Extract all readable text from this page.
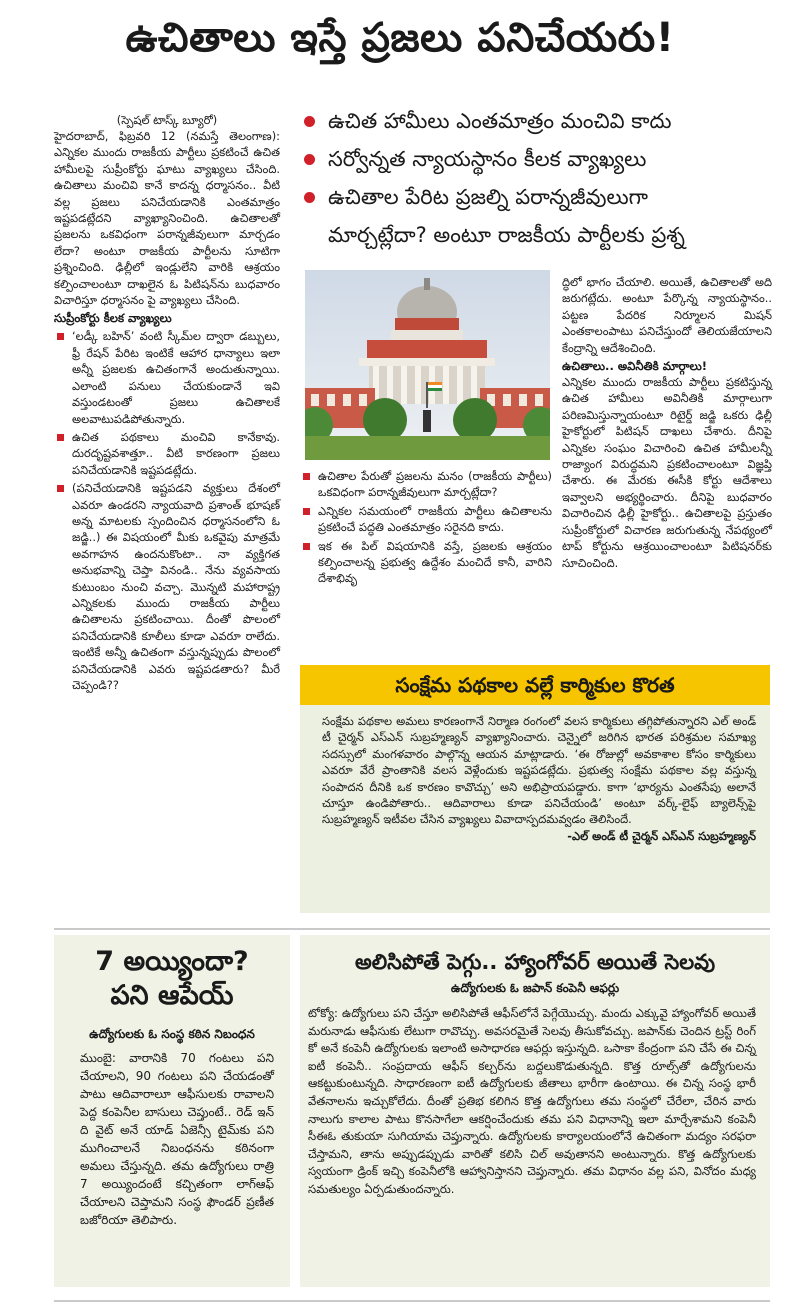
ఉచితాలు ఇస్తే ప్రజలు పనిచేయరు!
(స్పెషల్‌ టాస్క్‌ బ్యూరో)

హైదరాబాద్‌, ఫిబ్రవరి 12 (నమస్తే తెలంగాణ): ఎన్నికల ముందు రాజకీయ పార్టీలు ప్రకటించే ఉచిత హామీలపై సుప్రీంకోర్టు ఘాటు వ్యాఖ్యలు చేసింది. ఉచితాలు మంచివి కానే కాదన్న ధర్మాసనం.. వీటి వల్ల ప్రజలు పనిచేయడానికి ఎంతమాత్రం ఇష్టపడట్లేదని వ్యాఖ్యానించింది. ఉచితాలతో ప్రజలను ఒకవిధంగా పరాన్నజీవులుగా మార్చడం లేదా? అంటూ రాజకీయ పార్టీలను సూటిగా ప్రశ్నించింది. ఢిల్లీలో ఇండ్లులేని వారికి ఆశ్రయం కల్పించాలంటూ దాఖలైన ఓ పిటిషన్‌ను బుధవారం విచారిస్తూ ధర్మాసనం పై వ్యాఖ్యలు చేసింది.

సుప్రీంకోర్టు కీలక వ్యాఖ్యలు
‘లడ్కీ బహిన్‌’ వంటి స్కీమ్‌ల ద్వారా డబ్బులు, ఫ్రీ రేషన్‌ పేరిట ఇంటికే ఆహార ధాన్యాలు ఇలా అన్నీ ప్రజలకు ఉచితంగానే అందుతున్నాయి. ఎలాంటి పనులు చేయకుండానే ఇవి వస్తుండటంతో ప్రజలు ఉచితాలకే అలవాటుపడిపోతున్నారు.
ఉచిత పథకాలు మంచివి కానేకావు. దురదృష్టవశాత్తూ.. వీటి కారణంగా ప్రజలు పనిచేయడానికి ఇష్టపడట్లేదు.
(పనిచేయడానికి ఇష్టపడని వ్యక్తులు దేశంలో ఎవరూ ఉండరని న్యాయవాది ప్రశాంత్‌ భూషణ్‌ అన్న మాటలకు స్పందించిన ధర్మాసనంలోని ఓ జడ్జి..) ఈ విషయంలో మీకు ఒకవైపు మాత్రమే అవగాహన ఉందనుకొంటా.. నా వ్యక్తిగత అనుభవాన్ని చెప్తా వినండి.. నేను వ్యవసాయ కుటుంబం నుంచి వచ్చా. మొన్నటి మహారాష్ట్ర ఎన్నికలకు ముందు రాజకీయ పార్టీలు ఉచితాలను ప్రకటించాయి. దీంతో పొలంలో పనిచేయడానికి కూలీలు కూడా ఎవరూ రాలేదు. ఇంటికే అన్నీ ఉచితంగా వస్తున్నప్పుడు పొలంలో పనిచేయడానికి ఎవరు ఇష్టపడతారు? మీరే చెప్పండి??
ఉచిత హామీలు ఎంతమాత్రం మంచివి కాదు
సర్వోన్నత న్యాయస్థానం కీలక వ్యాఖ్యలు
ఉచితాల పేరిట ప్రజల్ని పరాన్నజీవులుగా
మార్చట్లేదా? అంటూ రాజకీయ పార్టీలకు ప్రశ్న
ఉచితాల పేరుతో ప్రజలను మనం (రాజకీయ పార్టీలు) ఒకవిధంగా పరాన్నజీవులుగా మార్చట్లేదా?
ఎన్నికల సమయంలో రాజకీయ పార్టీలు ఉచితాలను ప్రకటించే పద్ధతి ఎంతమాత్రం సరైనది కాదు.
ఇక ఈ పిల్‌ విషయానికి వస్తే, ప్రజలకు ఆశ్రయం కల్పించాలన్న ప్రభుత్వ ఉద్దేశం మంచిదే కానీ, వారిని దేశాభివృ

ద్ధిలో భాగం చేయాలి. అయితే, ఉచితాలతో అది జరుగట్లేదు. అంటూ పేర్కొన్న న్యాయస్థానం.. పట్టణ పేదరిక నిర్మూలన మిషన్‌ ఎంతకాలంపాటు పనిచేస్తుందో తెలియజేయాలని కేంద్రాన్ని ఆదేశించింది.

ఉచితాలు.. అవినీతికి మార్గాలు!

ఎన్నికల ముందు రాజకీయ పార్టీలు ప్రకటిస్తున్న ఉచిత హామీలు అవినీతికి మార్గాలుగా పరిణమిస్తున్నాయంటూ రిటైర్డ్‌ జడ్జి ఒకరు ఢిల్లీ హైకోర్టులో పిటిషన్‌ దాఖలు చేశారు. దీనిపై ఎన్నికల సంఘం విచారించి ఉచిత హామీలన్నీ రాజ్యాంగ విరుద్ధమని ప్రకటించాలంటూ విజ్ఞప్తి చేశారు. ఈ మేరకు ఈసీకి కోర్టు ఆదేశాలు ఇవ్వాలని అభ్యర్థించారు. దీనిపై బుధవారం విచారించిన ఢిల్లీ హైకోర్టు.. ఉచితాలపై ప్రస్తుతం సుప్రీంకోర్టులో విచారణ జరుగుతున్న నేపథ్యంలో టాప్‌ కోర్టును ఆశ్రయించాలంటూ పిటిషనర్‌కు సూచించింది.

సంక్షేమ పథకాల వల్లే కార్మికుల కొరత

సంక్షేమ పథకాల అమలు కారణంగానే నిర్మాణ రంగంలో వలస కార్మికులు తగ్గిపోతున్నారని ఎల్‌ అండ్‌ టీ చైర్మన్‌ ఎస్‌ఎన్‌ సుబ్రహ్మణ్యన్‌ వ్యాఖ్యానించారు. చెన్నైలో జరిగిన భారత పరిశ్రమల సమాఖ్య సదస్సులో మంగళవారం పాల్గొన్న ఆయన మాట్లాడారు. ‘ఈ రోజుల్లో అవకాశాల కోసం కార్మికులు ఎవరూ వేరే ప్రాంతానికి వలస వెళ్లేందుకు ఇష్టపడట్లేదు. ప్రభుత్వ సంక్షేమ పథకాల వల్ల వస్తున్న సంపాదన దీనికి ఒక కారణం కావొచ్చు’ అని అభిప్రాయపడ్డారు. కాగా ‘భార్యను ఎంతసేపు అలానే చూస్తూ ఉండిపోతారు.. ఆదివారాలు కూడా పనిచేయండి’ అంటూ వర్క్‌-లైఫ్‌ బ్యాలెన్స్‌పై సుబ్రహ్మణ్యన్‌ ఇటీవల చేసిన వ్యాఖ్యలు వివాదాస్పదమవ్వడం తెలిసిందే.

-ఎల్‌ అండ్‌ టీ చైర్మన్‌ ఎస్‌ఎన్‌ సుబ్రహ్మణ్యన్‌
7 అయ్యిందా?
పని ఆపేయ్‌
ఉద్యోగులకు ఓ సంస్థ కఠిన నిబంధన

ముంబై: వారానికి 70 గంటలు పని చేయాలని, 90 గంటలు పని చేయడంతో పాటు ఆదివారాలూ ఆఫీసులకు రావాలని పెద్ద కంపెనీల బాసులు చెప్తుంటే.. రెడ్‌ ఇన్‌ ది వైట్‌ అనే యాడ్‌ ఏజెన్సీ టైమ్‌కు పని ముగించాలనే నిబంధనను కఠినంగా అమలు చేస్తున్నది. తమ ఉద్యోగులు రాత్రి 7 అయ్యిందంటే కచ్చితంగా లాగ్‌ఆఫ్‌ చేయాలని చెప్తామని సంస్థ ఫౌండర్‌ ప్రణీత బజోరియా తెలిపారు.

అలిసిపోతే పెగ్గు.. హ్యాంగోవర్‌ అయితే సెలవు
ఉద్యోగులకు ఓ జపాన్‌ కంపెనీ ఆఫర్లు

టోక్యో: ఉద్యోగులు పని చేస్తూ అలిసిపోతే ఆఫీస్‌లోనే పెగ్గేయొచ్చు. మందు ఎక్కువై హ్యాంగోవర్‌ అయితే మరునాడు ఆఫీసుకు లేటుగా రావొచ్చు. అవసరమైతే సెలవు తీసుకోవచ్చు. జపాన్‌కు చెందిన ట్రస్ట్‌ రింగ్‌ కో అనే కంపెనీ ఉద్యోగులకు ఇలాంటి అసాధారణ ఆఫర్లు ఇస్తున్నది. ఒసాకా కేంద్రంగా పని చేసే ఈ చిన్న ఐటీ కంపెనీ.. సంప్రదాయ ఆఫీస్‌ కల్చర్‌ను బద్దలుకొడుతున్నది. కొత్త రూల్స్‌తో ఉద్యోగులను ఆకట్టుకుంటున్నది. సాధారణంగా ఐటీ ఉద్యోగులకు జీతాలు భారీగా ఉంటాయి. ఈ చిన్న సంస్థ భారీ వేతనాలను ఇచ్చుకోలేదు. దీంతో ప్రతిభ కలిగిన కొత్త ఉద్యోగులు తమ సంస్థలో చేరేలా, చేరిన వారు నాలుగు కాలాల పాటు కొనసాగేలా ఆకర్షించేందుకు తమ పని విధానాన్ని ఇలా మార్చేశామని కంపెనీ సీఈఓ తుకుయా సుగియామ చెప్తున్నారు. ఉద్యోగులకు కార్యాలయంలోనే ఉచితంగా మద్యం సరఫరా చేస్తామని, తాను అప్పుడప్పుడు వారితో కలిసి చిల్‌ అవుతానని అంటున్నారు. కొత్త ఉద్యోగులకు స్వయంగా డ్రింక్‌ ఇచ్చి కంపెనీలోకి ఆహ్వానిస్తానని చెప్తున్నారు. తమ విధానం వల్ల పని, వినోదం మధ్య సమతుల్యం ఏర్పడుతుందన్నారు.
